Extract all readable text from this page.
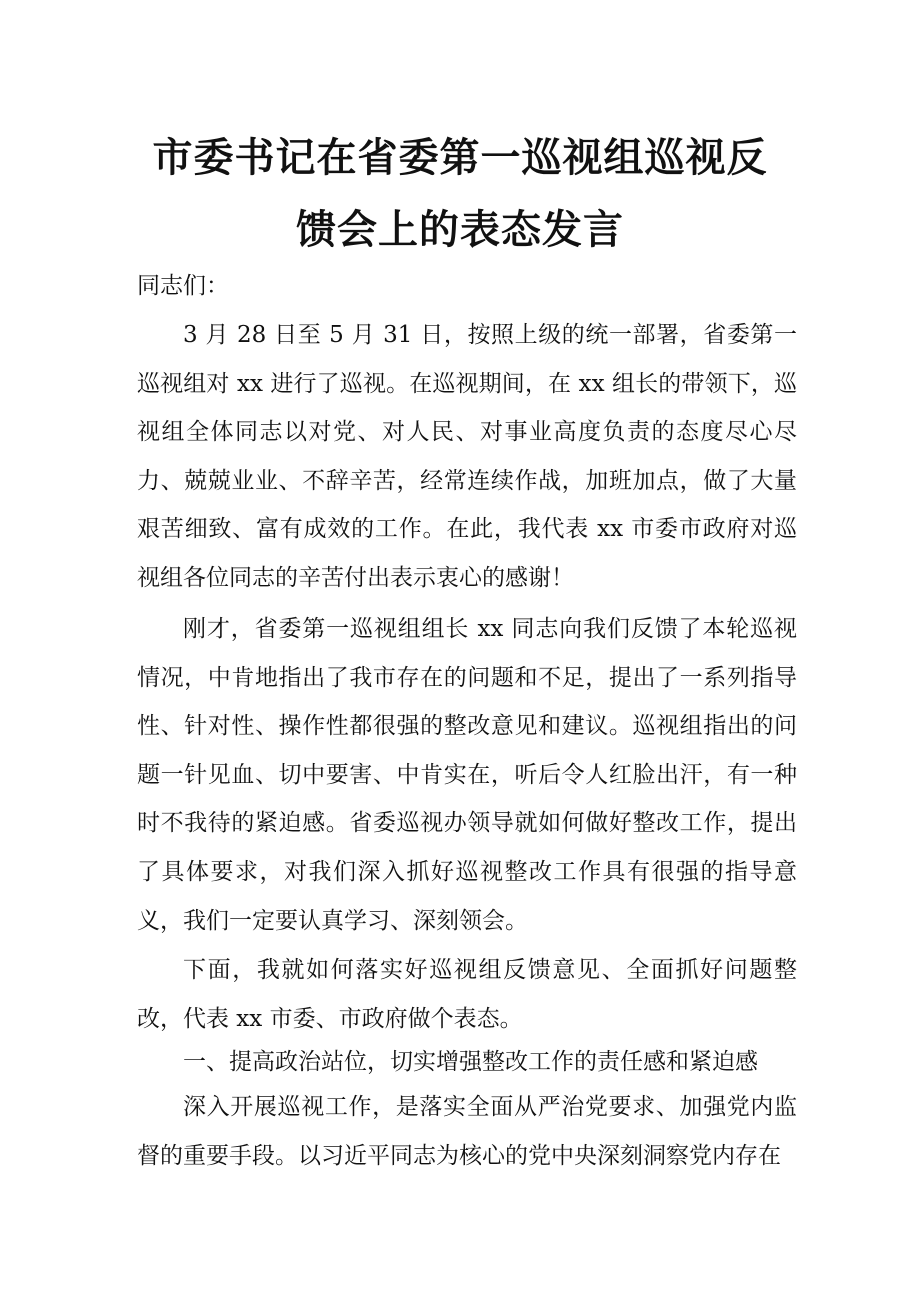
市委书记在省委第一巡视组巡视反
馈会上的表态发言
同志们：

3 月 28 日至 5 月 31 日，按照上级的统一部署，省委第一巡视组对 xx 进行了巡视。在巡视期间，在 xx 组长的带领下，巡视组全体同志以对党、对人民、对事业高度负责的态度尽心尽力、兢兢业业、不辞辛苦，经常连续作战，加班加点，做了大量艰苦细致、富有成效的工作。在此，我代表 xx 市委市政府对巡视组各位同志的辛苦付出表示衷心的感谢！

刚才，省委第一巡视组组长 xx 同志向我们反馈了本轮巡视情况，中肯地指出了我市存在的问题和不足，提出了一系列指导性、针对性、操作性都很强的整改意见和建议。巡视组指出的问题一针见血、切中要害、中肯实在，听后令人红脸出汗，有一种时不我待的紧迫感。省委巡视办领导就如何做好整改工作，提出了具体要求，对我们深入抓好巡视整改工作具有很强的指导意义，我们一定要认真学习、深刻领会。

下面，我就如何落实好巡视组反馈意见、全面抓好问题整改，代表 xx 市委、市政府做个表态。

一、提高政治站位，切实增强整改工作的责任感和紧迫感

深入开展巡视工作，是落实全面从严治党要求、加强党内监督的重要手段。以习近平同志为核心的党中央深刻洞察党内存在
